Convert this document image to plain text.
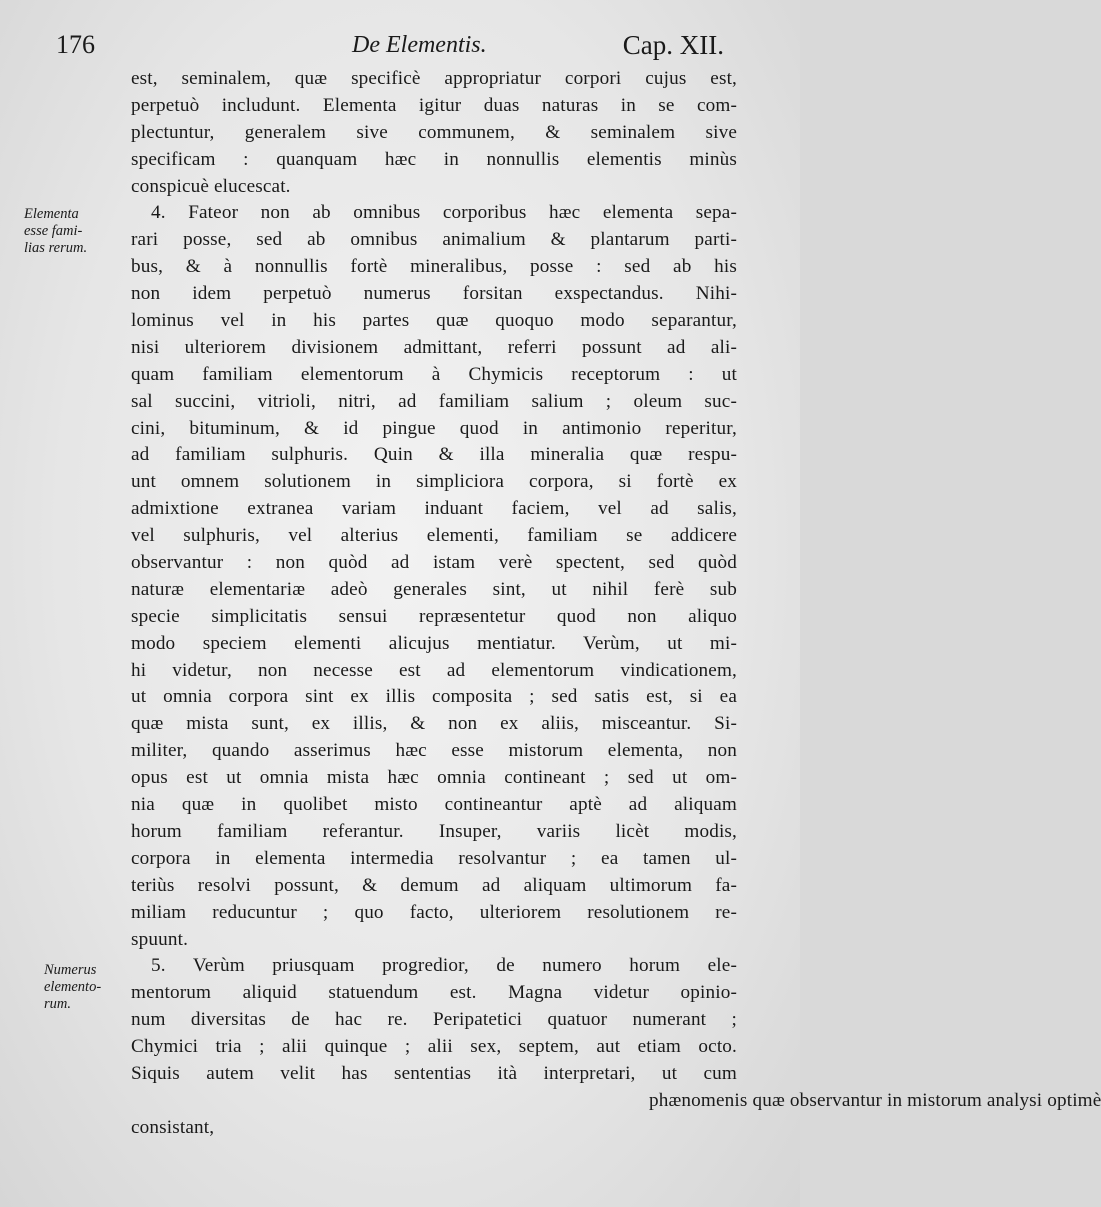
176	De Elementis.	Cap. XII.
Elementa
esse fami-
lias rerum.
Numerus
elemento-
rum.
est, seminalem, quæ specificè appropriatur corpori cujus est,
perpetuò includunt. Elementa igitur duas naturas in se com-
plectuntur, generalem sive communem, & seminalem sive
specificam : quanquam hæc in nonnullis elementis minùs
conspicuè elucescat.
4. Fateor non ab omnibus corporibus hæc elementa sepa-
rari posse, sed ab omnibus animalium & plantarum parti-
bus, & à nonnullis fortè mineralibus, posse : sed ab his
non idem perpetuò numerus forsitan exspectandus. Nihi-
lominus vel in his partes quæ quoquo modo separantur,
nisi ulteriorem divisionem admittant, referri possunt ad ali-
quam familiam elementorum à Chymicis receptorum : ut
sal succini, vitrioli, nitri, ad familiam salium ; oleum suc-
cini, bituminum, & id pingue quod in antimonio reperitur,
ad familiam sulphuris. Quin & illa mineralia quæ respu-
unt omnem solutionem in simpliciora corpora, si fortè ex
admixtione extranea variam induant faciem, vel ad salis,
vel sulphuris, vel alterius elementi, familiam se addicere
observantur : non quòd ad istam verè spectent, sed quòd
naturæ elementariæ adeò generales sint, ut nihil ferè sub
specie simplicitatis sensui repræsentetur quod non aliquo
modo speciem elementi alicujus mentiatur. Verùm, ut mi-
hi videtur, non necesse est ad elementorum vindicationem,
ut omnia corpora sint ex illis composita ; sed satis est, si ea
quæ mista sunt, ex illis, & non ex aliis, misceantur. Si-
militer, quando asserimus hæc esse mistorum elementa, non
opus est ut omnia mista hæc omnia contineant ; sed ut om-
nia quæ in quolibet misto contineantur aptè ad aliquam
horum familiam referantur. Insuper, variis licèt modis,
corpora in elementa intermedia resolvantur ; ea tamen ul-
teriùs resolvi possunt, & demum ad aliquam ultimorum fa-
miliam reducuntur ; quo facto, ulteriorem resolutionem re-
spuunt.
5. Verùm priusquam progredior, de numero horum ele-
mentorum aliquid statuendum est. Magna videtur opinio-
num diversitas de hac re. Peripatetici quatuor numerant ;
Chymici tria ; alii quinque ; alii sex, septem, aut etiam octo.
Siquis autem velit has sententias ità interpretari, ut cum
phænomenis quæ observantur in mistorum analysi optimè
consistant,
